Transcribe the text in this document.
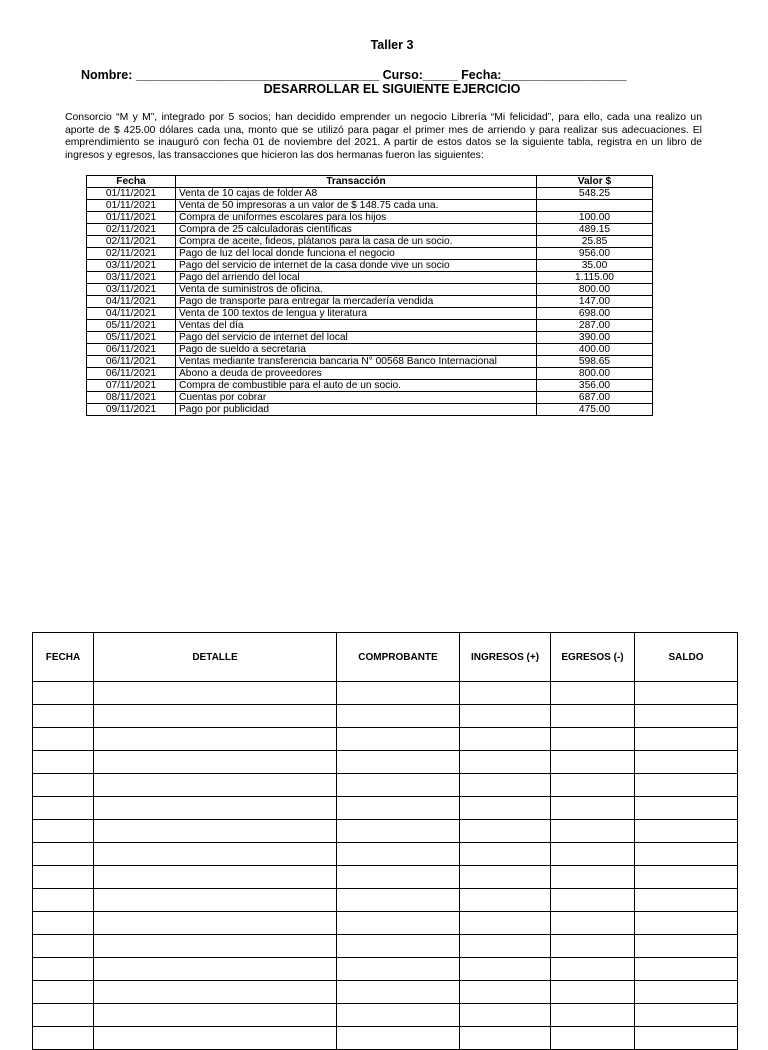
Taller 3
Nombre: ___________________________________ Curso:_____ Fecha:__________________
DESARROLLAR EL SIGUIENTE EJERCICIO
Consorcio “M y M”, integrado por 5 socios; han decidido emprender un negocio Librería “Mi felicidad”, para ello, cada una realizo un aporte de $ 425.00 dólares cada una, monto que se utilizó para pagar el primer mes de arriendo y para realizar sus adecuaciones. El emprendimiento se inauguró con fecha 01 de noviembre del 2021. A partir de estos datos se la siguiente tabla, registra en un libro de ingresos y egresos, las transacciones que hicieron las dos hermanas fueron las siguientes:
Fecha	Transacción	Valor $
01/11/2021	Venta de 10 cajas de folder A8	548.25
01/11/2021	Venta de 50 impresoras a un valor de $ 148.75 cada una.	
01/11/2021	Compra de uniformes escolares para los hijos	100.00
02/11/2021	Compra de 25 calculadoras científicas	489.15
02/11/2021	Compra de aceite, fideos, plátanos para la casa de un socio.	25.85
02/11/2021	Pago de luz del local donde funciona el negocio	956.00
03/11/2021	Pago del servicio de internet de la casa donde vive un socio	35.00
03/11/2021	Pago del arriendo del local	1.115.00
03/11/2021	Venta de suministros de oficina.	800.00
04/11/2021	Pago de transporte para entregar la mercadería vendida	147.00
04/11/2021	Venta de 100 textos de lengua y literatura	698.00
05/11/2021	Ventas del día	287.00
05/11/2021	Pago del servicio de internet del local	390.00
06/11/2021	Pago de sueldo a secretaria	400.00
06/11/2021	Ventas mediante transferencia bancaria N° 00568 Banco Internacional	598.65
06/11/2021	Abono a deuda de proveedores	800.00
07/11/2021	Compra de combustible para el auto de un socio.	356.00
08/11/2021	Cuentas por cobrar	687.00
09/11/2021	Pago por publicidad	475.00
FECHA	DETALLE	COMPROBANTE	INGRESOS (+)	EGRESOS (-)	SALDO
